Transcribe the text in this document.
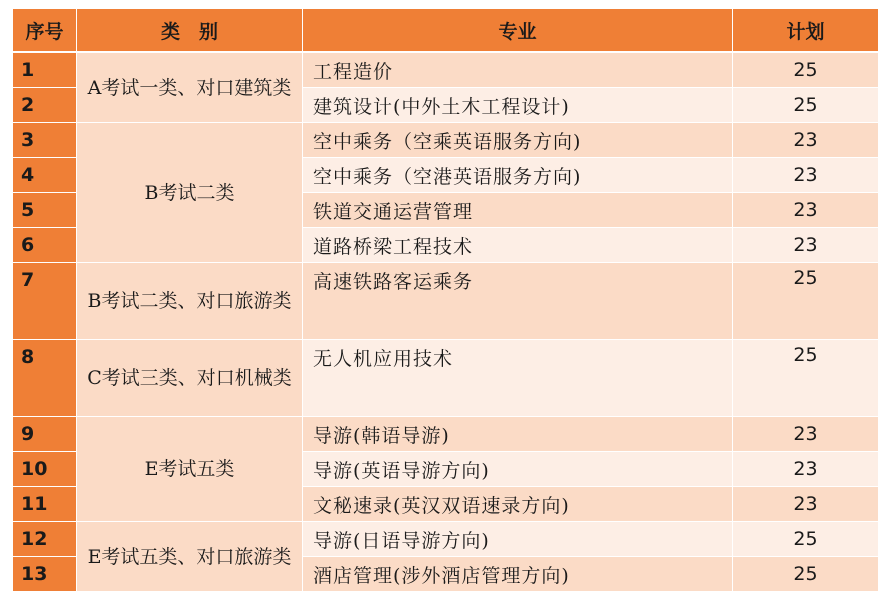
序号	类　别	专业	计划
1	A考试一类、对口建筑类	工程造价	25
2		建筑设计(中外土木工程设计)	25
3	B考试二类	空中乘务（空乘英语服务方向)	23
4		空中乘务（空港英语服务方向)	23
5		铁道交通运营管理	23
6		道路桥梁工程技术	23
7	B考试二类、对口旅游类	高速铁路客运乘务	25
8	C考试三类、对口机械类	无人机应用技术	25
9	E考试五类	导游(韩语导游)	23
10		导游(英语导游方向)	23
11		文秘速录(英汉双语速录方向)	23
12	E考试五类、对口旅游类	导游(日语导游方向)	25
13		酒店管理(涉外酒店管理方向)	25
